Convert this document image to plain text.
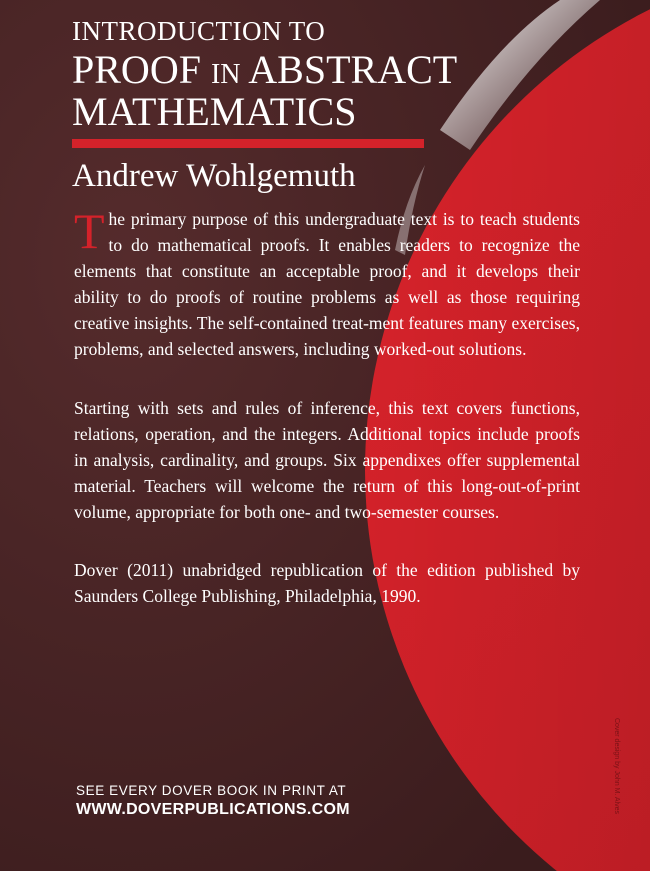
INTRODUCTION TO
PROOF IN ABSTRACT
MATHEMATICS
Andrew Wohlgemuth

The primary purpose of this undergraduate text is to teach students to do mathematical proofs. It enables readers to recognize the elements that constitute an acceptable proof, and it develops their ability to do proofs of routine problems as well as those requiring creative insights. The self-contained treat-ment features many exercises, problems, and selected answers, including worked-out solutions.

Starting with sets and rules of inference, this text covers functions, relations, operation, and the integers. Additional topics include proofs in analysis, cardinality, and groups. Six appendixes offer supplemental material. Teachers will welcome the return of this long-out-of-print volume, appropriate for both one- and two-semester courses.

Dover (2011) unabridged republication of the edition published by Saunders College Publishing, Philadelphia, 1990.

SEE EVERY DOVER BOOK IN PRINT AT

WWW.DOVERPUBLICATIONS.COM	Cover design by John M. Alves
